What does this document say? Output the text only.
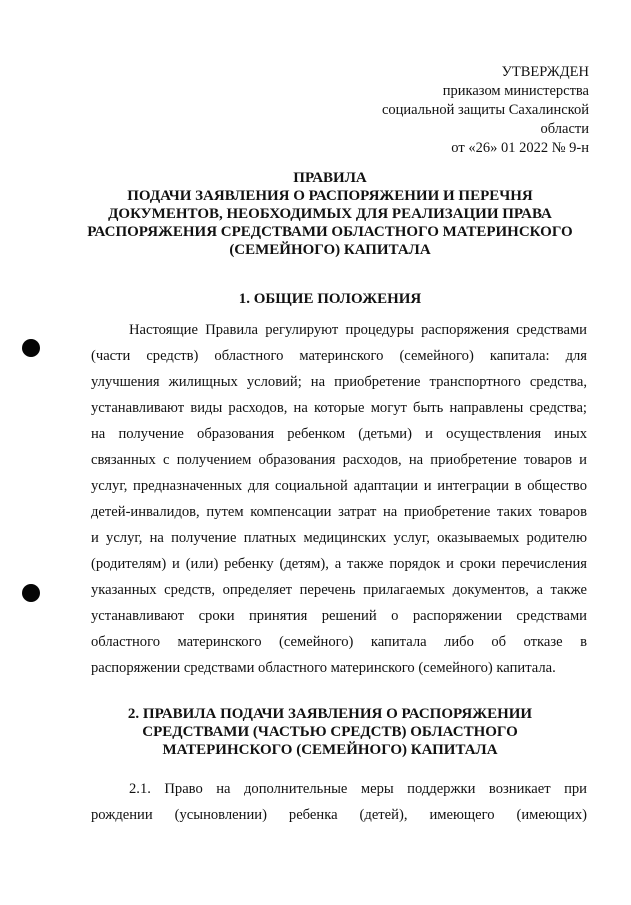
УТВЕРЖДЕН
приказом министерства
социальной защиты Сахалинской
области
от «26» 01 2022 № 9-н
ПРАВИЛА
ПОДАЧИ ЗАЯВЛЕНИЯ О РАСПОРЯЖЕНИИ И ПЕРЕЧНЯ
ДОКУМЕНТОВ, НЕОБХОДИМЫХ ДЛЯ РЕАЛИЗАЦИИ ПРАВА
РАСПОРЯЖЕНИЯ СРЕДСТВАМИ ОБЛАСТНОГО МАТЕРИНСКОГО
(СЕМЕЙНОГО) КАПИТАЛА
1. ОБЩИЕ ПОЛОЖЕНИЯ
Настоящие Правила регулируют процедуры распоряжения средствами
(части средств) областного материнского (семейного) капитала: для
улучшения жилищных условий; на приобретение транспортного средства,
устанавливают виды расходов, на которые могут быть направлены средства;
на получение образования ребенком (детьми) и осуществления иных
связанных с получением образования расходов, на приобретение товаров и
услуг, предназначенных для социальной адаптации и интеграции в общество
детей-инвалидов, путем компенсации затрат на приобретение таких товаров
и услуг, на получение платных медицинских услуг, оказываемых родителю
(родителям) и (или) ребенку (детям), а также порядок и сроки перечисления
указанных средств, определяет перечень прилагаемых документов, а также
устанавливают сроки принятия решений о распоряжении средствами
областного материнского (семейного) капитала либо об отказе в
распоряжении средствами областного материнского (семейного) капитала.
2. ПРАВИЛА ПОДАЧИ ЗАЯВЛЕНИЯ О РАСПОРЯЖЕНИИ
СРЕДСТВАМИ (ЧАСТЬЮ СРЕДСТВ) ОБЛАСТНОГО
МАТЕРИНСКОГО (СЕМЕЙНОГО) КАПИТАЛА
2.1. Право на дополнительные меры поддержки возникает при
рождении (усыновлении) ребенка (детей), имеющего (имеющих)
